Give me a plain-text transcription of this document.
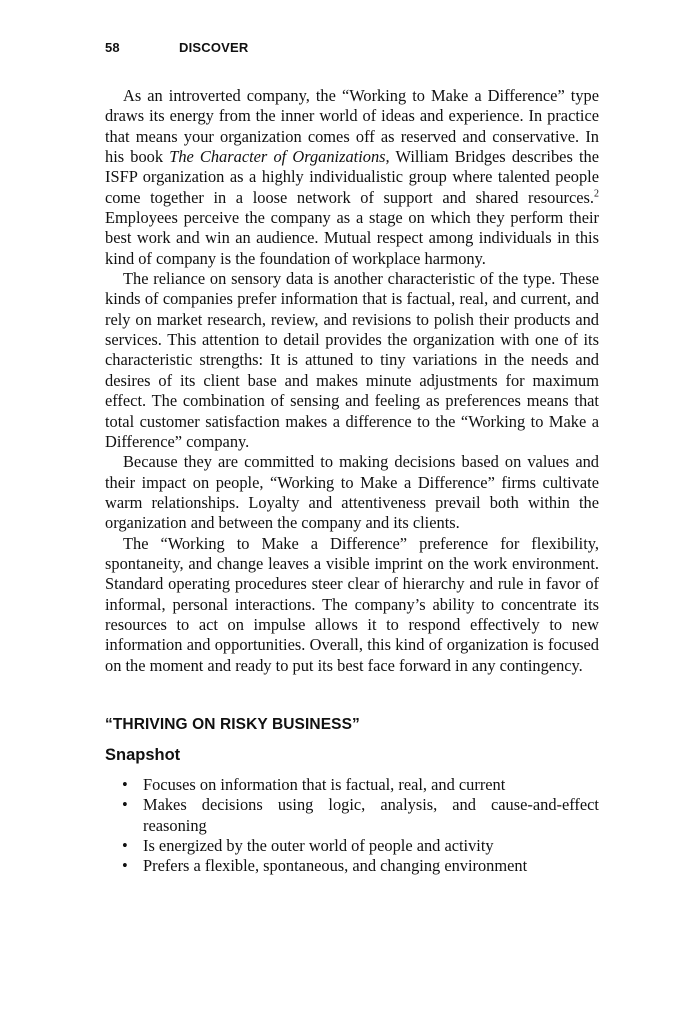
58	DISCOVER

As an introverted company, the “Working to Make a Difference” type draws its energy from the inner world of ideas and experience. In practice that means your organization comes off as reserved and conservative. In his book The Character of Organizations, William Bridges describes the ISFP organization as a highly individualistic group where talented people come together in a loose network of support and shared resources.$^2$ Employees perceive the company as a stage on which they perform their best work and win an audience. Mutual respect among individuals in this kind of company is the foundation of workplace harmony.

The reliance on sensory data is another characteristic of the type. These kinds of companies prefer information that is factual, real, and current, and rely on market research, review, and revisions to polish their products and services. This attention to detail provides the organization with one of its characteristic strengths: It is attuned to tiny variations in the needs and desires of its client base and makes minute adjustments for maximum effect. The combination of sensing and feeling as preferences means that total customer satisfaction makes a difference to the “Working to Make a Difference” company.

Because they are committed to making decisions based on values and their impact on people, “Working to Make a Difference” firms cultivate warm relationships. Loyalty and attentiveness prevail both within the organization and between the company and its clients.

The “Working to Make a Difference” preference for flexibility, spontaneity, and change leaves a visible imprint on the work environment. Standard operating procedures steer clear of hierarchy and rule in favor of informal, personal interactions. The company’s ability to concentrate its resources to act on impulse allows it to respond effectively to new information and opportunities. Overall, this kind of organization is focused on the moment and ready to put its best face forward in any contingency.

“THRIVING ON RISKY BUSINESS”
Snapshot
• Focuses on information that is factual, real, and current
• Makes decisions using logic, analysis, and cause-and-effect reasoning
• Is energized by the outer world of people and activity
• Prefers a flexible, spontaneous, and changing environment
